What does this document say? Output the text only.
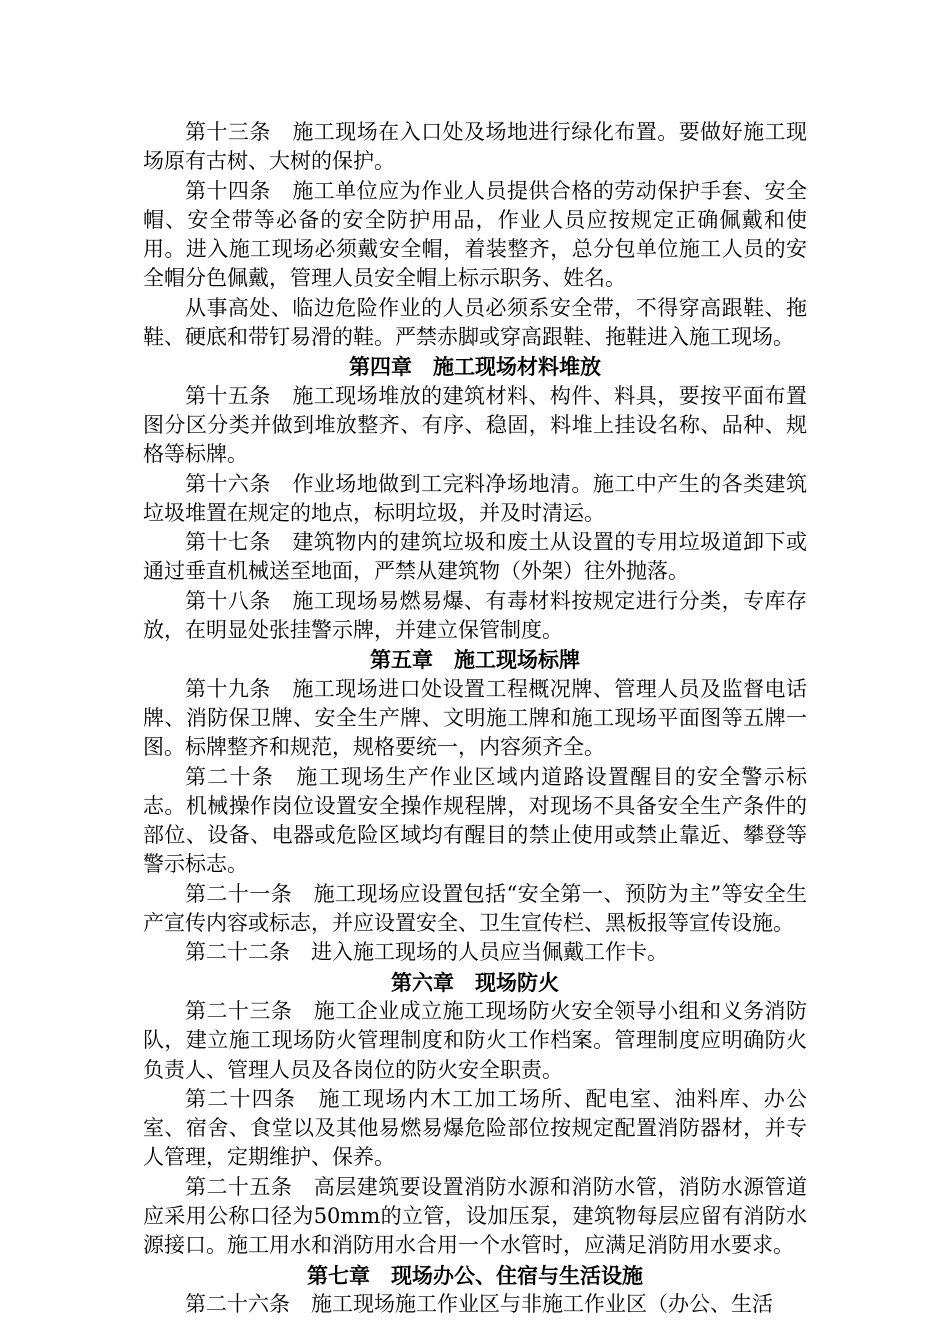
第十三条 施工现场在入口处及场地进行绿化布置。要做好施工现场原有古树、大树的保护。

第十四条 施工单位应为作业人员提供合格的劳动保护手套、安全帽、安全带等必备的安全防护用品，作业人员应按规定正确佩戴和使用。进入施工现场必须戴安全帽，着装整齐，总分包单位施工人员的安全帽分色佩戴，管理人员安全帽上标示职务、姓名。

从事高处、临边危险作业的人员必须系安全带，不得穿高跟鞋、拖鞋、硬底和带钉易滑的鞋。严禁赤脚或穿高跟鞋、拖鞋进入施工现场。

第四章 施工现场材料堆放

第十五条 施工现场堆放的建筑材料、构件、料具，要按平面布置图分区分类并做到堆放整齐、有序、稳固，料堆上挂设名称、品种、规格等标牌。

第十六条 作业场地做到工完料净场地清。施工中产生的各类建筑垃圾堆置在规定的地点，标明垃圾，并及时清运。

第十七条 建筑物内的建筑垃圾和废土从设置的专用垃圾道卸下或通过垂直机械送至地面，严禁从建筑物（外架）往外抛落。

第十八条 施工现场易燃易爆、有毒材料按规定进行分类，专库存放，在明显处张挂警示牌，并建立保管制度。

第五章 施工现场标牌

第十九条 施工现场进口处设置工程概况牌、管理人员及监督电话牌、消防保卫牌、安全生产牌、文明施工牌和施工现场平面图等五牌一图。标牌整齐和规范，规格要统一，内容须齐全。

第二十条 施工现场生产作业区域内道路设置醒目的安全警示标志。机械操作岗位设置安全操作规程牌，对现场不具备安全生产条件的部位、设备、电器或危险区域均有醒目的禁止使用或禁止靠近、攀登等警示标志。

第二十一条 施工现场应设置包括“安全第一、预防为主”等安全生产宣传内容或标志，并应设置安全、卫生宣传栏、黑板报等宣传设施。

第二十二条 进入施工现场的人员应当佩戴工作卡。

第六章 现场防火

第二十三条 施工企业成立施工现场防火安全领导小组和义务消防队，建立施工现场防火管理制度和防火工作档案。管理制度应明确防火负责人、管理人员及各岗位的防火安全职责。

第二十四条 施工现场内木工加工场所、配电室、油料库、办公室、宿舍、食堂以及其他易燃易爆危险部位按规定配置消防器材，并专人管理，定期维护、保养。

第二十五条 高层建筑要设置消防水源和消防水管，消防水源管道应采用公称口径为50mm的立管，设加压泵，建筑物每层应留有消防水源接口。施工用水和消防用水合用一个水管时，应满足消防用水要求。

第七章 现场办公、住宿与生活设施

第二十六条 施工现场施工作业区与非施工作业区（办公、生活
